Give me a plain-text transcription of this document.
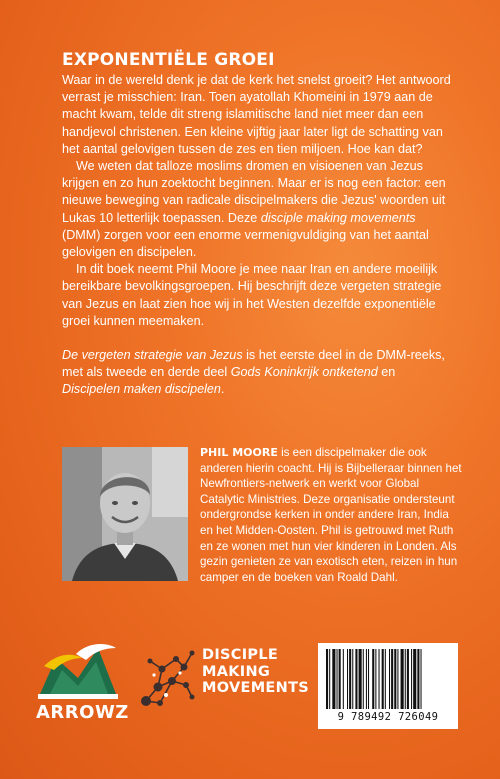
EXPONENTIËLE GROEI

Waar in de wereld denk je dat de kerk het snelst groeit? Het antwoord verrast je misschien: Iran. Toen ayatollah Khomeini in 1979 aan de macht kwam, telde dit streng islamitische land niet meer dan een handjevol christenen. Een kleine vijftig jaar later ligt de schatting van het aantal gelovigen tussen de zes en tien miljoen. Hoe kan dat?

We weten dat talloze moslims dromen en visioenen van Jezus krijgen en zo hun zoektocht beginnen. Maar er is nog een factor: een nieuwe beweging van radicale discipelmakers die Jezus' woorden uit Lukas 10 letterlijk toepassen. Deze disciple making movements (DMM) zorgen voor een enorme vermenigvuldiging van het aantal gelovigen en discipelen.

In dit boek neemt Phil Moore je mee naar Iran en andere moeilijk bereikbare bevolkingsgroepen. Hij beschrijft deze vergeten strategie van Jezus en laat zien hoe wij in het Westen dezelfde exponentiële groei kunnen meemaken.

De vergeten strategie van Jezus is het eerste deel in de DMM-reeks, met als tweede en derde deel Gods Koninkrijk ontketend en Discipelen maken discipelen.

PHIL MOORE is een discipelmaker die ook anderen hierin coacht. Hij is Bijbelleraar binnen het Newfrontiers-netwerk en werkt voor Global Catalytic Ministries. Deze organisatie ondersteunt ondergrondse kerken in onder andere Iran, India en het Midden-Oosten. Phil is getrouwd met Ruth en ze wonen met hun vier kinderen in Londen. Als gezin genieten ze van exotisch eten, reizen in hun camper en de boeken van Roald Dahl.

ARROWZ
DISCIPLE
MAKING
MOVEMENTS
9 789492 726049
